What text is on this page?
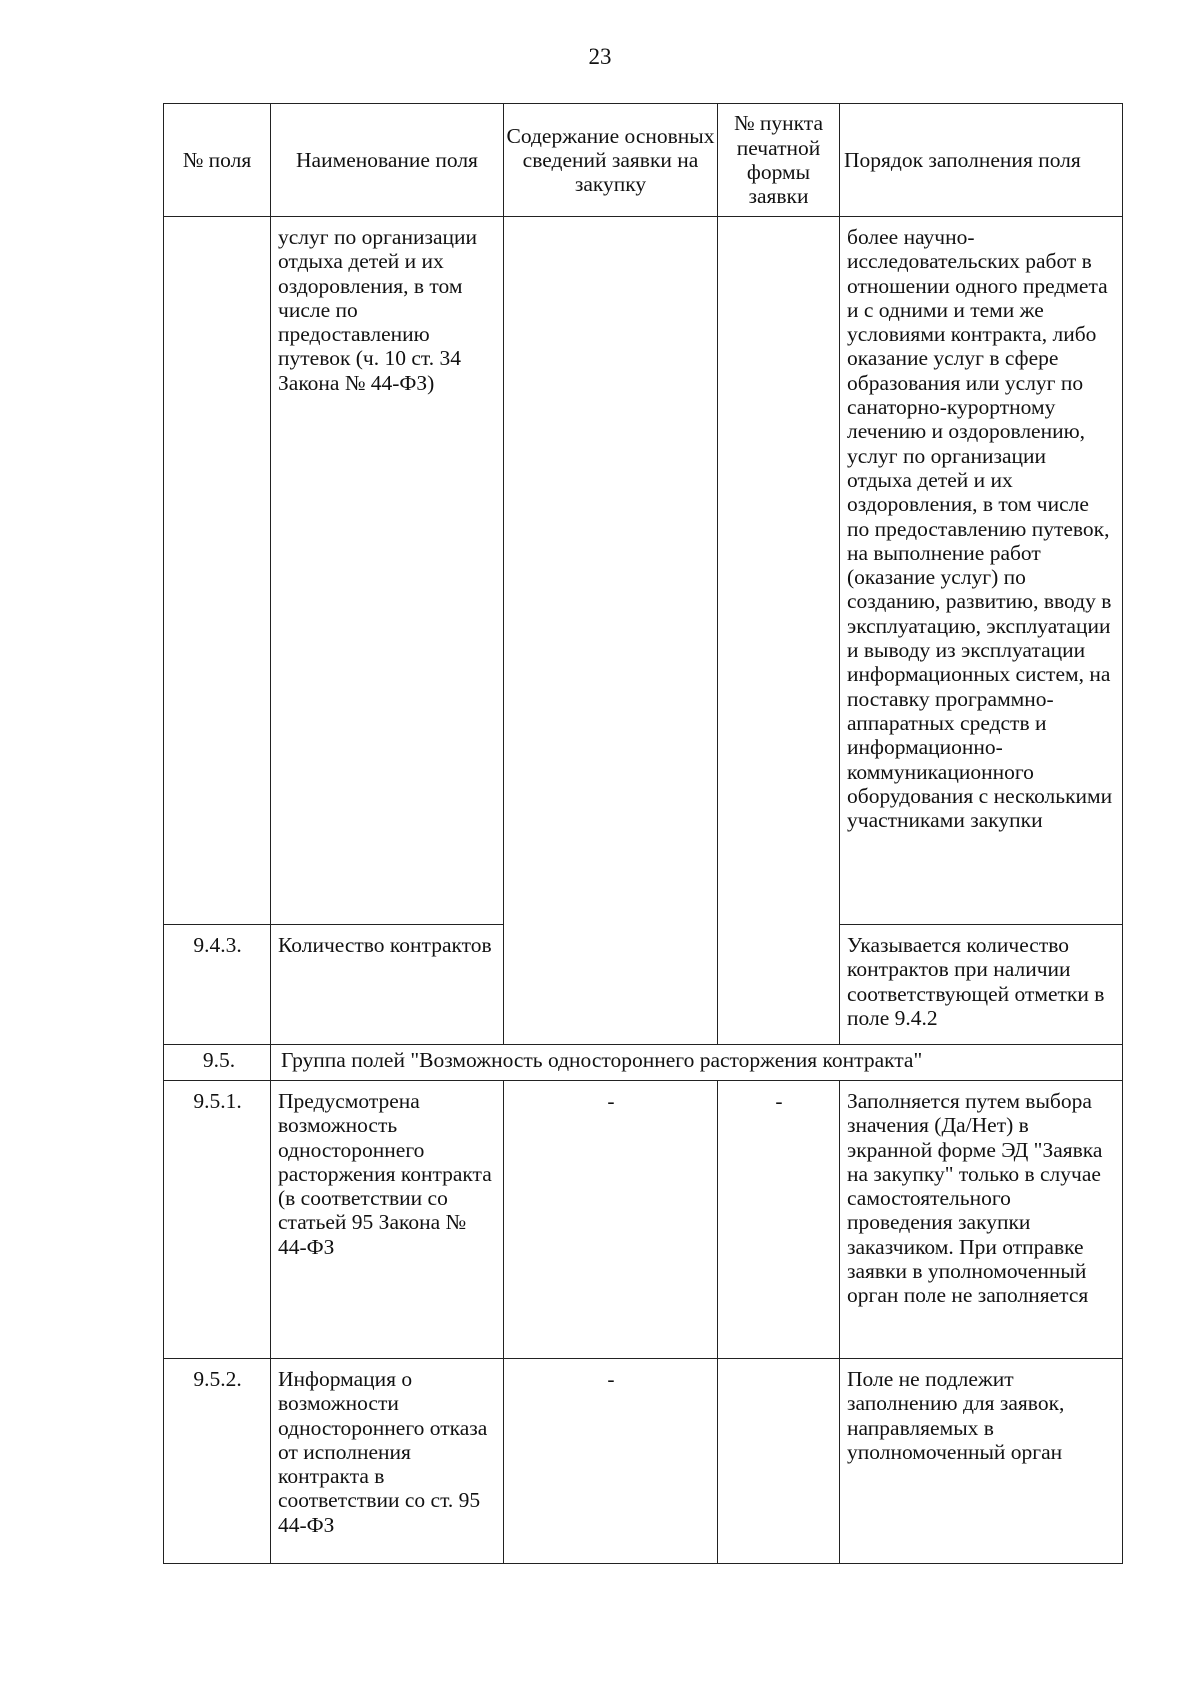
23
№ поля	Наименование поля	Содержание основных сведений заявки на закупку	№ пункта печатной формы заявки	Порядок заполнения поля
	услуг по организации отдыха детей и их оздоровления, в том числе по предоставлению путевок (ч. 10 ст. 34 Закона № 44-ФЗ)			более научно-исследовательских работ в отношении одного предмета и с одними и теми же условиями контракта, либо оказание услуг в сфере образования или услуг по санаторно-курортному лечению и оздоровлению, услуг по организации отдыха детей и их оздоровления, в том числе по предоставлению путевок, на выполнение работ (оказание услуг) по созданию, развитию, вводу в эксплуатацию, эксплуатации и выводу из эксплуатации информационных систем, на поставку программно-аппаратных средств и информационно-коммуникационного оборудования с несколькими участниками закупки
9.4.3.	Количество контрактов			Указывается количество контрактов при наличии соответствующей отметки в поле 9.4.2
9.5.	Группа полей "Возможность одностороннего расторжения контракта"			
9.5.1.	Предусмотрена возможность одностороннего расторжения контракта (в соответствии со статьей 95 Закона № 44-ФЗ	-	-	Заполняется путем выбора значения (Да/Нет) в экранной форме ЭД "Заявка на закупку" только в случае самостоятельного проведения закупки заказчиком. При отправке заявки в уполномоченный орган поле не заполняется
9.5.2.	Информация о возможности одностороннего отказа от исполнения контракта в соответствии со ст. 95 44-ФЗ	-		Поле не подлежит заполнению для заявок, направляемых в уполномоченный орган
